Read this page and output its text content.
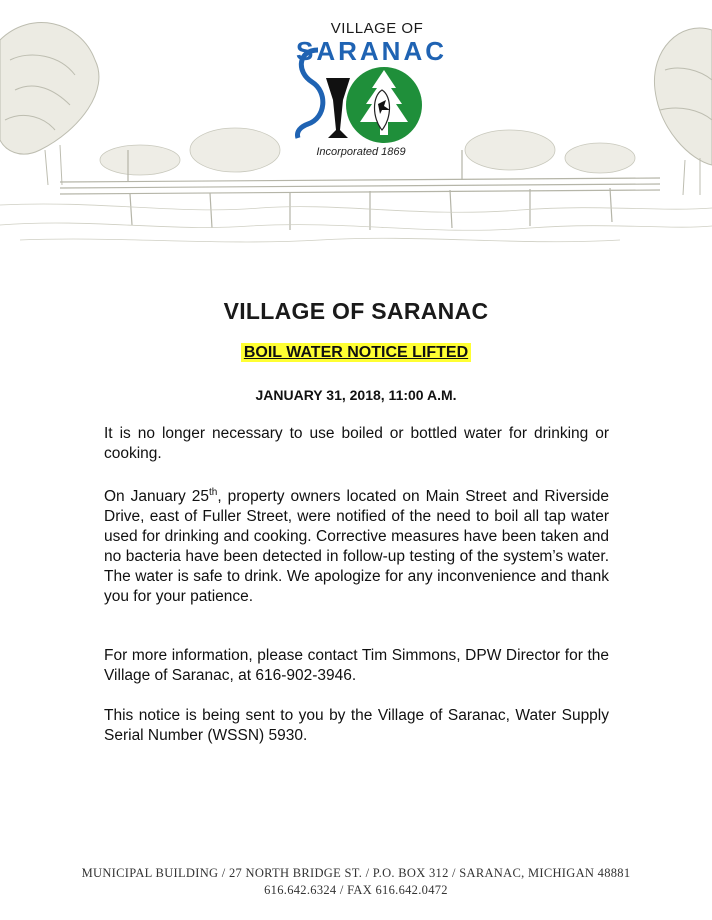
VILLAGE OF
SARANAC
Incorporated 1869
VILLAGE OF SARANAC
BOIL WATER NOTICE LIFTED
JANUARY 31, 2018, 11:00 A.M.

It is no longer necessary to use boiled or bottled water for drinking or cooking.

On January 25th, property owners located on Main Street and Riverside Drive, east of Fuller Street, were notified of the need to boil all tap water used for drinking and cooking. Corrective measures have been taken and no bacteria have been detected in follow-up testing of the system’s water. The water is safe to drink. We apologize for any inconvenience and thank you for your patience.

For more information, please contact Tim Simmons, DPW Director for the Village of Saranac, at 616-902-3946.

This notice is being sent to you by the Village of Saranac, Water Supply Serial Number (WSSN) 5930.

MUNICIPAL BUILDING / 27 NORTH BRIDGE ST. / P.O. BOX 312 / SARANAC, MICHIGAN 48881
616.642.6324 / FAX 616.642.0472
